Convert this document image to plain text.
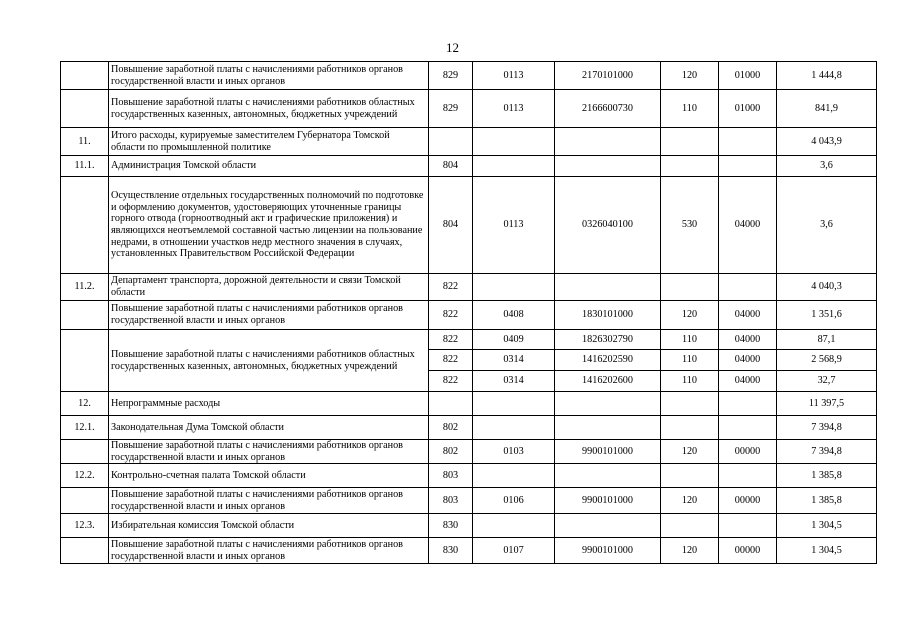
12
	Повышение заработной платы с начислениями работников органов государственной власти и иных органов	829	0113	2170101000	120	01000	1 444,8
	Повышение заработной платы с начислениями работников областных государственных казенных, автономных, бюджетных учреждений	829	0113	2166600730	110	01000	841,9
11.	Итого расходы, курируемые заместителем Губернатора Томской области по промышленной политике						4 043,9
11.1.	Администрация Томской области	804					3,6
	Осуществление отдельных государственных полномочий по подготовке и оформлению документов, удостоверяющих уточненные границы горного отвода (горноотводный акт и графические приложения) и являющихся неотъемлемой составной частью лицензии на пользование недрами, в отношении участков недр местного значения в случаях, установленных Правительством Российской Федерации	804	0113	0326040100	530	04000	3,6
11.2.	Департамент транспорта, дорожной деятельности и связи Томской области	822					4 040,3
	Повышение заработной платы с начислениями работников органов государственной власти и иных органов	822	0408	1830101000	120	04000	1 351,6
	Повышение заработной платы с начислениями работников областных государственных казенных, автономных, бюджетных учреждений	822	0409	1826302790	110	04000	87,1
		822	0314	1416202590	110	04000	2 568,9
		822	0314	1416202600	110	04000	32,7
12.	Непрограммные расходы						11 397,5
12.1.	Законодательная Дума Томской области	802					7 394,8
	Повышение заработной платы с начислениями работников органов государственной власти и иных органов	802	0103	9900101000	120	00000	7 394,8
12.2.	Контрольно-счетная палата Томской области	803					1 385,8
	Повышение заработной платы с начислениями работников органов государственной власти и иных органов	803	0106	9900101000	120	00000	1 385,8
12.3.	Избирательная комиссия Томской области	830					1 304,5
	Повышение заработной платы с начислениями работников органов государственной власти и иных органов	830	0107	9900101000	120	00000	1 304,5
